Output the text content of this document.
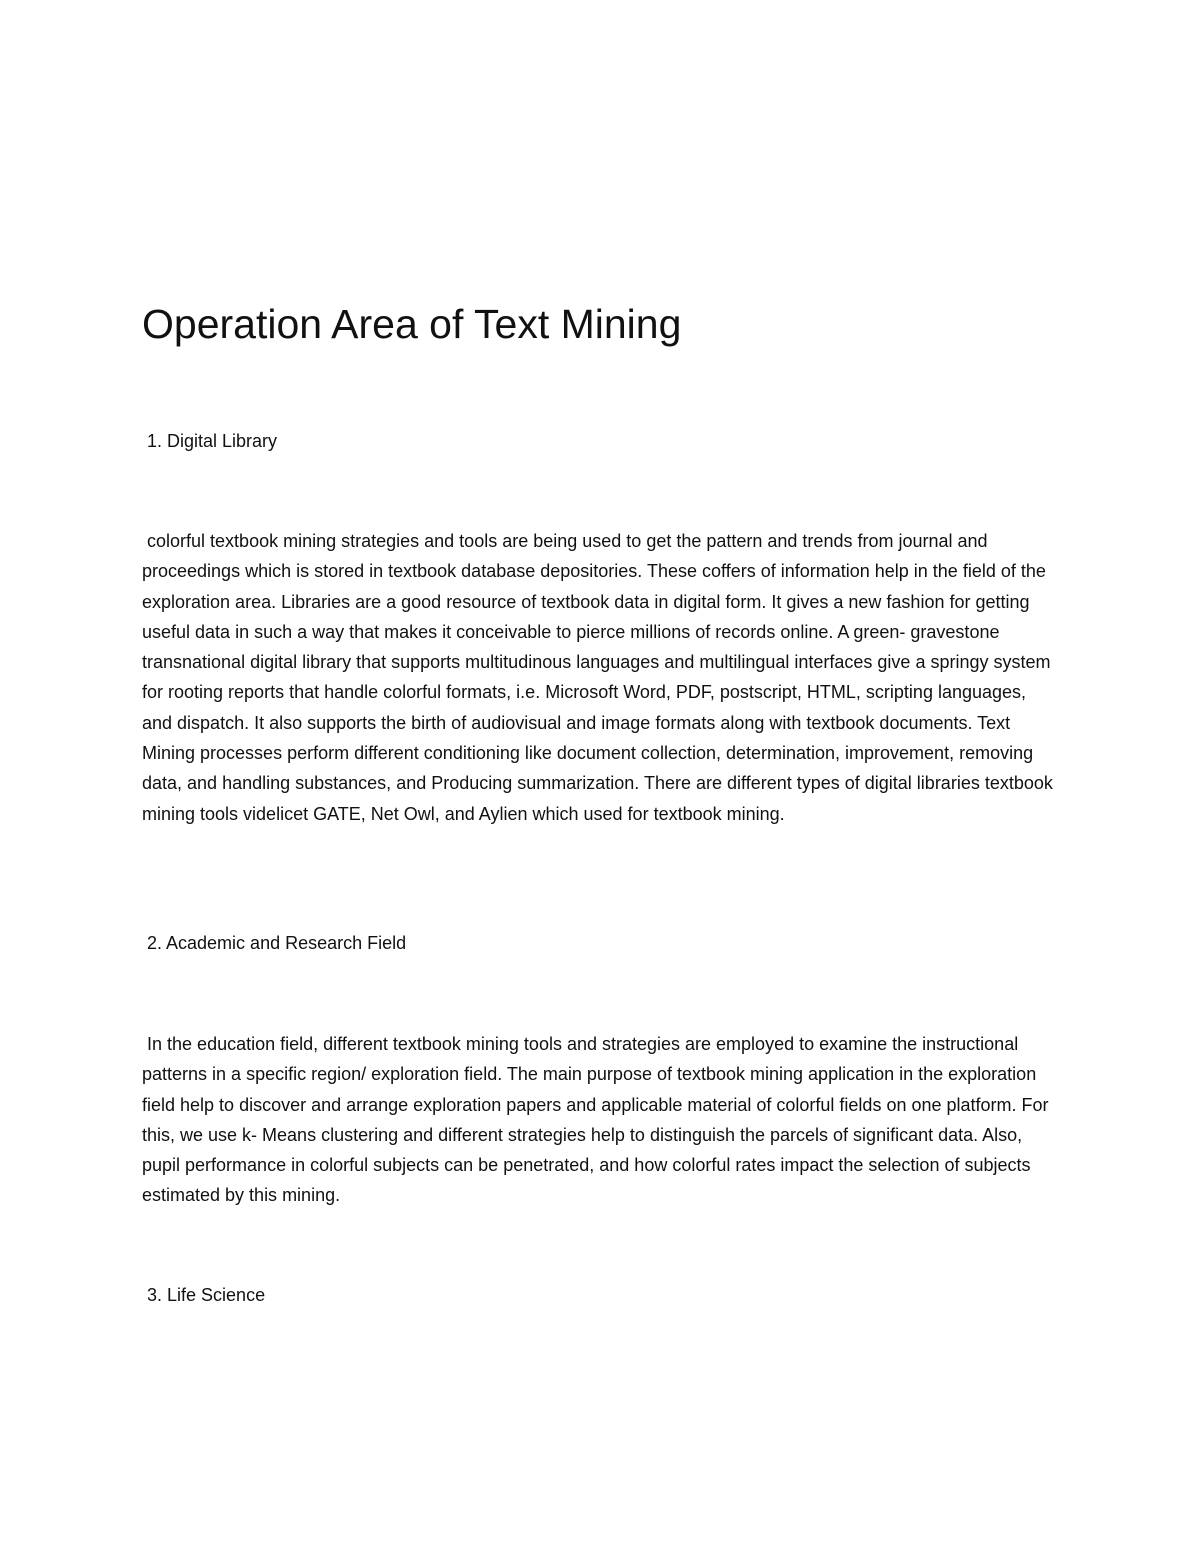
Operation Area of Text Mining

1. Digital Library

colorful textbook mining strategies and tools are being used to get the pattern and trends from journal and proceedings which is stored in textbook database depositories. These coffers of information help in the field of the exploration area. Libraries are a good resource of textbook data in digital form. It gives a new fashion for getting useful data in such a way that makes it conceivable to pierce millions of records online. A green- gravestone transnational digital library that supports multitudinous languages and multilingual interfaces give a springy system for rooting reports that handle colorful formats, i.e. Microsoft Word, PDF, postscript, HTML, scripting languages, and dispatch. It also supports the birth of audiovisual and image formats along with textbook documents. Text Mining processes perform different conditioning like document collection, determination, improvement, removing data, and handling substances, and Producing summarization. There are different types of digital libraries textbook mining tools videlicet GATE, Net Owl, and Aylien which used for textbook mining.

2. Academic and Research Field

In the education field, different textbook mining tools and strategies are employed to examine the instructional patterns in a specific region/ exploration field. The main purpose of textbook mining application in the exploration field help to discover and arrange exploration papers and applicable material of colorful fields on one platform. For this, we use k- Means clustering and different strategies help to distinguish the parcels of significant data. Also, pupil performance in colorful subjects can be penetrated, and how colorful rates impact the selection of subjects estimated by this mining.

3. Life Science
